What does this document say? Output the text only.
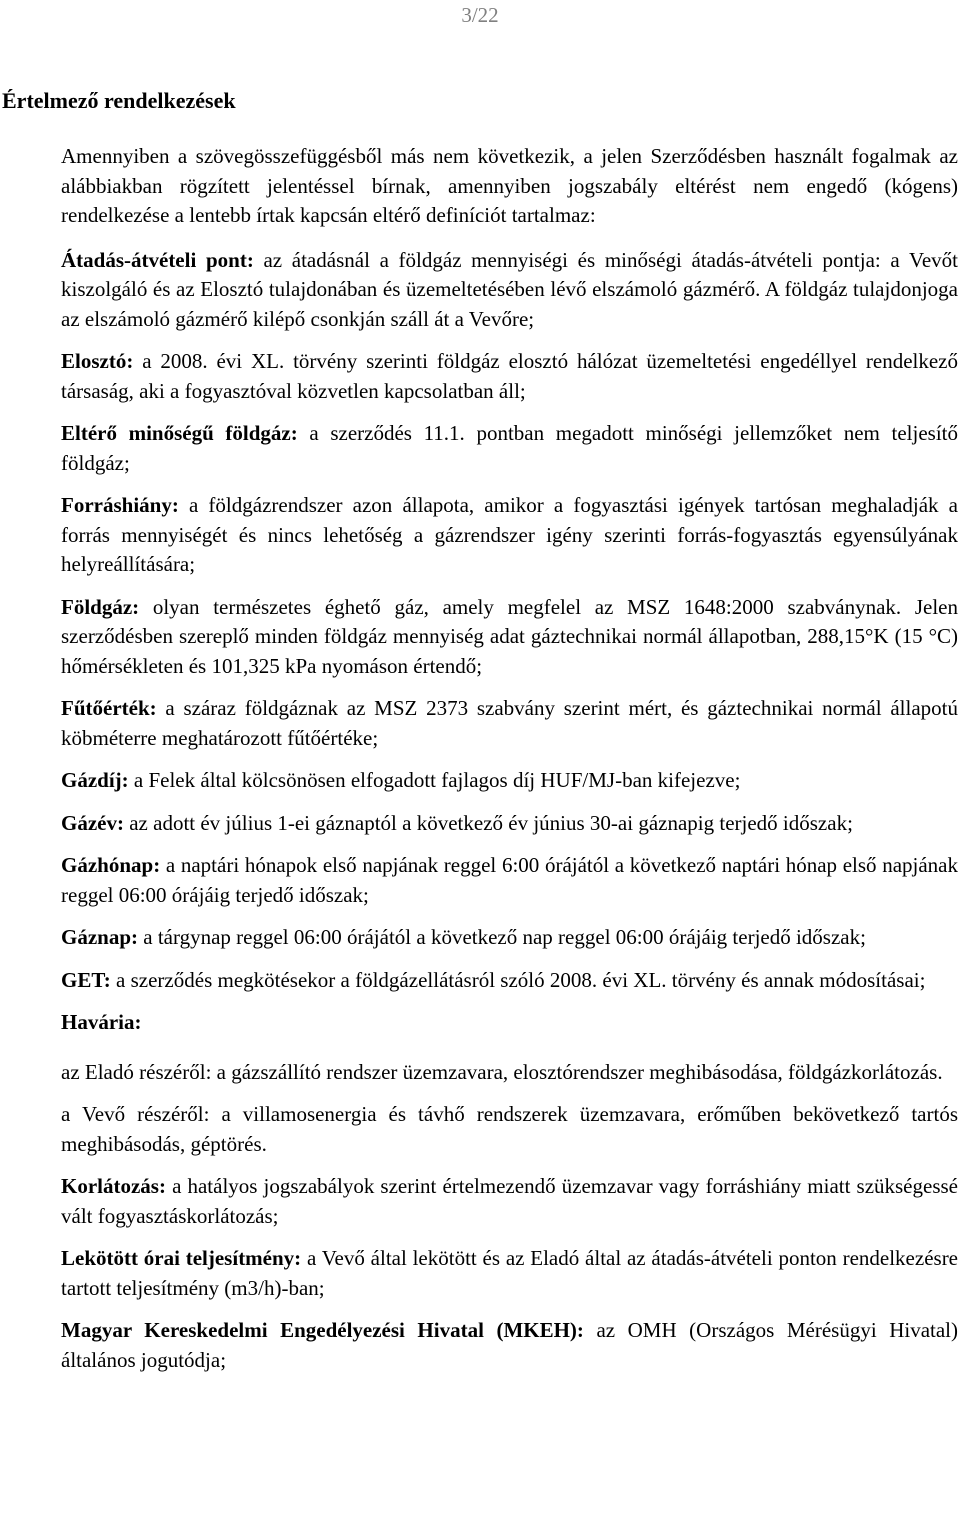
3/22
Értelmező rendelkezések

Amennyiben a szövegösszefüggésből más nem következik, a jelen Szerződésben használt fogalmak az alábbiakban rögzített jelentéssel bírnak, amennyiben jogszabály eltérést nem engedő (kógens) rendelkezése a lentebb írtak kapcsán eltérő definíciót tartalmaz:

Átadás-átvételi pont: az átadásnál a földgáz mennyiségi és minőségi átadás-átvételi pontja: a Vevőt kiszolgáló és az Elosztó tulajdonában és üzemeltetésében lévő elszámoló gázmérő. A földgáz tulajdonjoga az elszámoló gázmérő kilépő csonkján száll át a Vevőre;

Elosztó: a 2008. évi XL. törvény szerinti földgáz elosztó hálózat üzemeltetési engedéllyel rendelkező társaság, aki a fogyasztóval közvetlen kapcsolatban áll;

Eltérő minőségű földgáz: a szerződés 11.1. pontban megadott minőségi jellemzőket nem teljesítő földgáz;

Forráshiány: a földgázrendszer azon állapota, amikor a fogyasztási igények tartósan meghaladják a forrás mennyiségét és nincs lehetőség a gázrendszer igény szerinti forrás-fogyasztás egyensúlyának helyreállítására;

Földgáz: olyan természetes éghető gáz, amely megfelel az MSZ 1648:2000 szabványnak. Jelen szerződésben szereplő minden földgáz mennyiség adat gáztechnikai normál állapotban, 288,15°K (15 °C) hőmérsékleten és 101,325 kPa nyomáson értendő;

Fűtőérték: a száraz földgáznak az MSZ 2373 szabvány szerint mért, és gáztechnikai normál állapotú köbméterre meghatározott fűtőértéke;

Gázdíj: a Felek által kölcsönösen elfogadott fajlagos díj HUF/MJ-ban kifejezve;

Gázév: az adott év július 1-ei gáznaptól a következő év június 30-ai gáznapig terjedő időszak;

Gázhónap: a naptári hónapok első napjának reggel 6:00 órájától a következő naptári hónap első napjának reggel 06:00 órájáig terjedő időszak;

Gáznap: a tárgynap reggel 06:00 órájától a következő nap reggel 06:00 órájáig terjedő időszak;

GET: a szerződés megkötésekor a földgázellátásról szóló 2008. évi XL. törvény és annak módosításai;

Havária:

az Eladó részéről: a gázszállító rendszer üzemzavara, elosztórendszer meghibásodása, földgázkorlátozás.

a Vevő részéről: a villamosenergia és távhő rendszerek üzemzavara, erőműben bekövetkező tartós meghibásodás, géptörés.

Korlátozás: a hatályos jogszabályok szerint értelmezendő üzemzavar vagy forráshiány miatt szükségessé vált fogyasztáskorlátozás;

Lekötött órai teljesítmény: a Vevő által lekötött és az Eladó által az átadás-átvételi ponton rendelkezésre tartott teljesítmény (m3/h)-ban;

Magyar Kereskedelmi Engedélyezési Hivatal (MKEH): az OMH (Országos Mérésügyi Hivatal) általános jogutódja;
